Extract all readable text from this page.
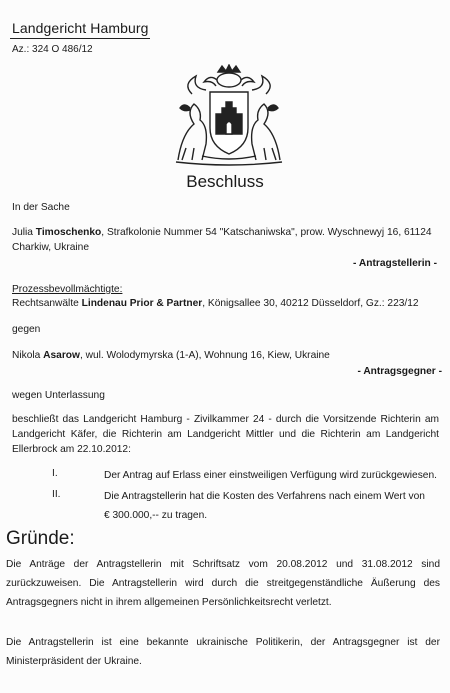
Landgericht Hamburg
Az.: 324 O 486/12
Beschluss
In der Sache
Julia Timoschenko, Strafkolonie Nummer 54 "Katschaniwska", prow. Wyschnewyj 16, 61124
Charkiw, Ukraine
- Antragstellerin -
Prozessbevollmächtigte:
Rechtsanwälte Lindenau Prior & Partner, Königsallee 30, 40212 Düsseldorf, Gz.: 223/12
gegen
Nikola Asarow, wul. Wolodymyrska (1-A), Wohnung 16, Kiew, Ukraine
- Antragsgegner -
wegen Unterlassung
beschließt das Landgericht Hamburg - Zivilkammer 24 - durch die Vorsitzende Richterin am Landgericht Käfer, die Richterin am Landgericht Mittler und die Richterin am Landgericht Ellerbrock am 22.10.2012:
I.	Der Antrag auf Erlass einer einstweiligen Verfügung wird zurückgewiesen.
II.	Die Antragstellerin hat die Kosten des Verfahrens nach einem Wert von
€ 300.000,-- zu tragen.
Gründe:
Die Anträge der Antragstellerin mit Schriftsatz vom 20.08.2012 und 31.08.2012 sind zurückzuweisen. Die Antragstellerin wird durch die streitgegenständliche Äußerung des Antragsgegners nicht in ihrem allgemeinen Persönlichkeitsrecht verletzt.
Die Antragstellerin ist eine bekannte ukrainische Politikerin, der Antragsgegner ist der Ministerpräsident der Ukraine.
